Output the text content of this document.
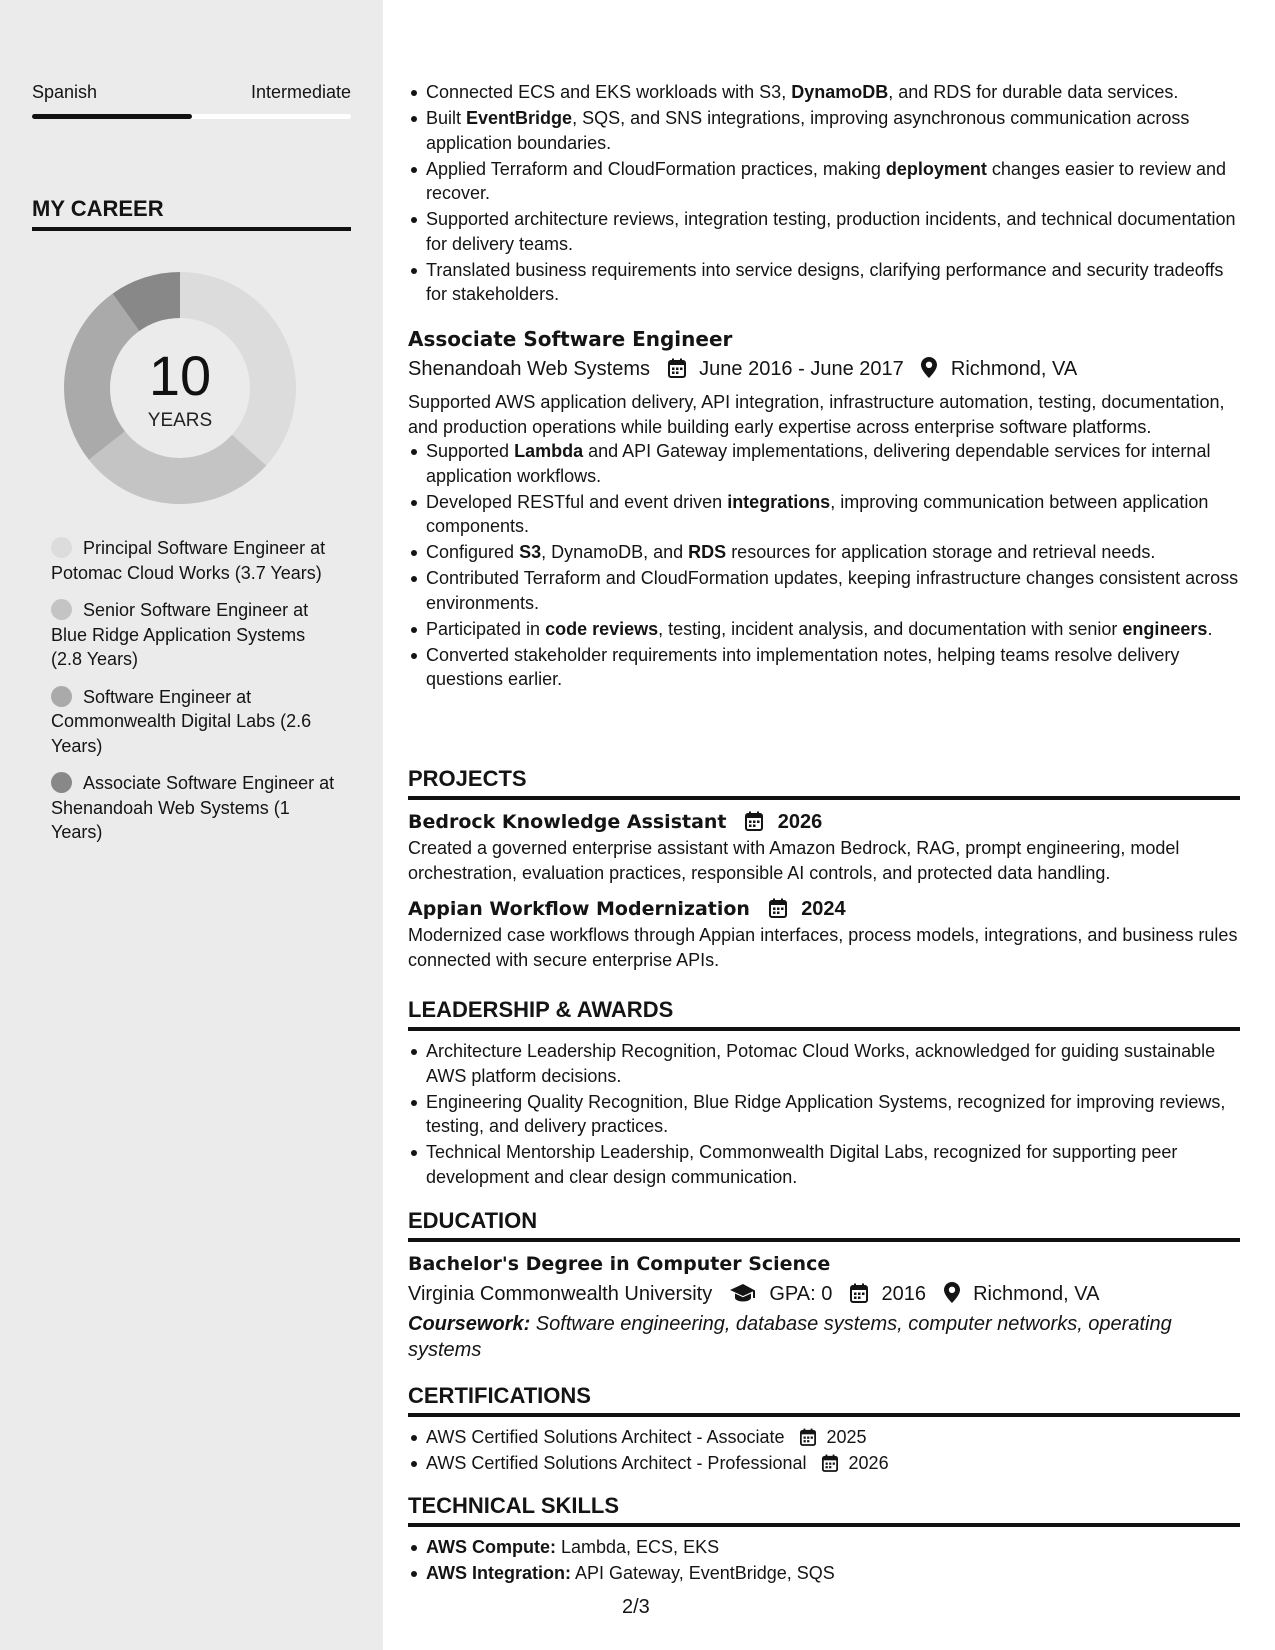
Spanish	Intermediate
MY CAREER
10
YEARS
Principal Software Engineer at Potomac Cloud Works (3.7 Years)
Senior Software Engineer at Blue Ridge Application Systems (2.8 Years)
Software Engineer at Commonwealth Digital Labs (2.6 Years)
Associate Software Engineer at Shenandoah Web Systems (1 Years)
Connected ECS and EKS workloads with S3, DynamoDB, and RDS for durable data services.
Built EventBridge, SQS, and SNS integrations, improving asynchronous communication across application boundaries.
Applied Terraform and CloudFormation practices, making deployment changes easier to review and recover.
Supported architecture reviews, integration testing, production incidents, and technical documentation for delivery teams.
Translated business requirements into service designs, clarifying performance and security tradeoffs for stakeholders.
Associate Software Engineer
Shenandoah Web Systems June 2016 - June 2017 Richmond, VA
Supported AWS application delivery, API integration, infrastructure automation, testing, documentation, and production operations while building early expertise across enterprise software platforms.
Supported Lambda and API Gateway implementations, delivering dependable services for internal application workflows.
Developed RESTful and event driven integrations, improving communication between application components.
Configured S3, DynamoDB, and RDS resources for application storage and retrieval needs.
Contributed Terraform and CloudFormation updates, keeping infrastructure changes consistent across environments.
Participated in code reviews, testing, incident analysis, and documentation with senior engineers.
Converted stakeholder requirements into implementation notes, helping teams resolve delivery questions earlier.
PROJECTS
Bedrock Knowledge Assistant	2026
Created a governed enterprise assistant with Amazon Bedrock, RAG, prompt engineering, model orchestration, evaluation practices, responsible AI controls, and protected data handling.
Appian Workflow Modernization	2024
Modernized case workflows through Appian interfaces, process models, integrations, and business rules connected with secure enterprise APIs.
LEADERSHIP & AWARDS
Architecture Leadership Recognition, Potomac Cloud Works, acknowledged for guiding sustainable AWS platform decisions.
Engineering Quality Recognition, Blue Ridge Application Systems, recognized for improving reviews, testing, and delivery practices.
Technical Mentorship Leadership, Commonwealth Digital Labs, recognized for supporting peer development and clear design communication.
EDUCATION
Bachelor's Degree in Computer Science
Virginia Commonwealth University	GPA: 0 2016 Richmond, VA
Coursework: Software engineering, database systems, computer networks, operating systems
CERTIFICATIONS
AWS Certified Solutions Architect - Associate 2025
AWS Certified Solutions Architect - Professional 2026
TECHNICAL SKILLS
AWS Compute: Lambda, ECS, EKS
AWS Integration: API Gateway, EventBridge, SQS
2/3
